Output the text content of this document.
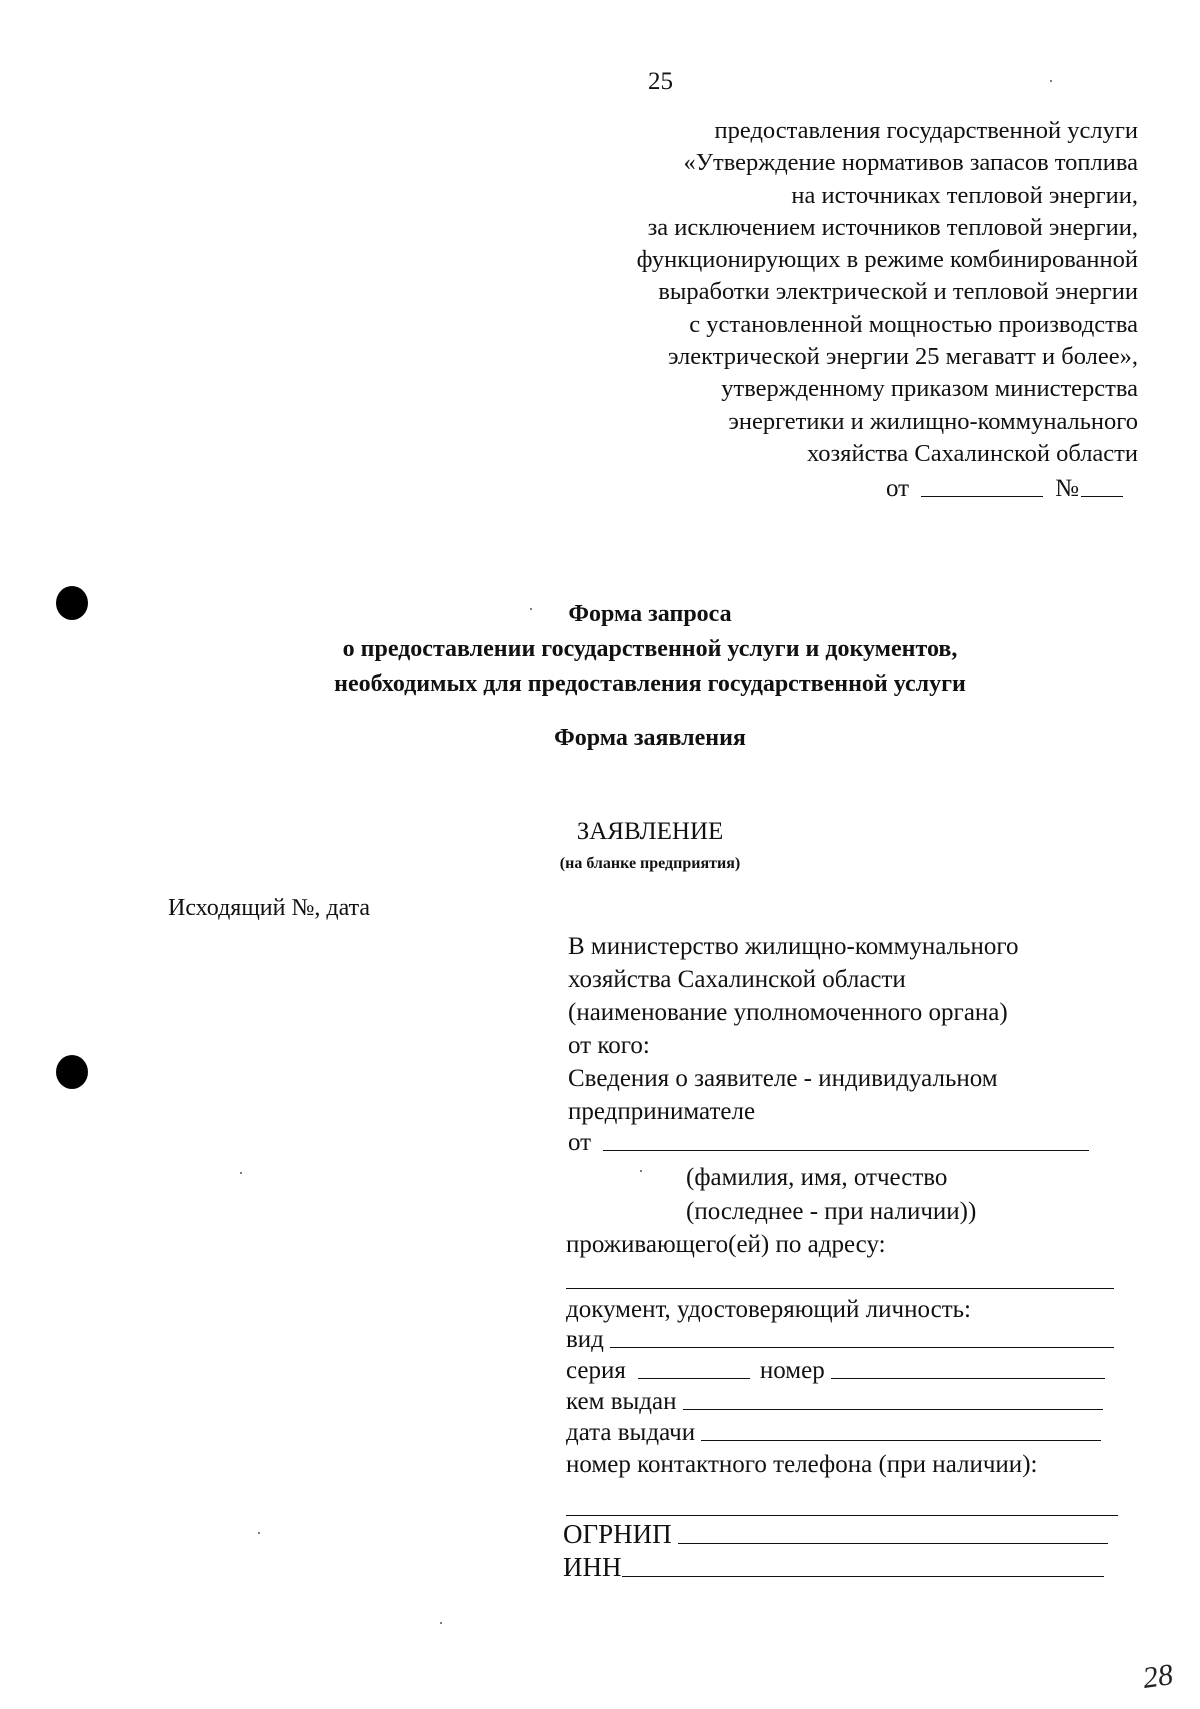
25
предоставления государственной услуги
«Утверждение нормативов запасов топлива
на источниках тепловой энергии,
за исключением источников тепловой энергии,
функционирующих в режиме комбинированной
выработки электрической и тепловой энергии
с установленной мощностью производства
электрической энергии 25 мегаватт и более»,
утвержденному приказом министерства
энергетики и жилищно-коммунального
хозяйства Сахалинской области
от	№
Форма запроса
о предоставлении государственной услуги и документов,
необходимых для предоставления государственной услуги
Форма заявления
ЗАЯВЛЕНИЕ
(на бланке предприятия)
Исходящий №, дата
В министерство жилищно-коммунального
хозяйства Сахалинской области
(наименование уполномоченного органа)
от кого:
Сведения о заявителе - индивидуальном
предпринимателе
от
(фамилия, имя, отчество
(последнее - при наличии))
проживающего(ей) по адресу:
документ, удостоверяющий личность:
вид
серия	номер
кем выдан
дата выдачи
номер контактного телефона (при наличии):
ОГРНИП
ИНН
28
